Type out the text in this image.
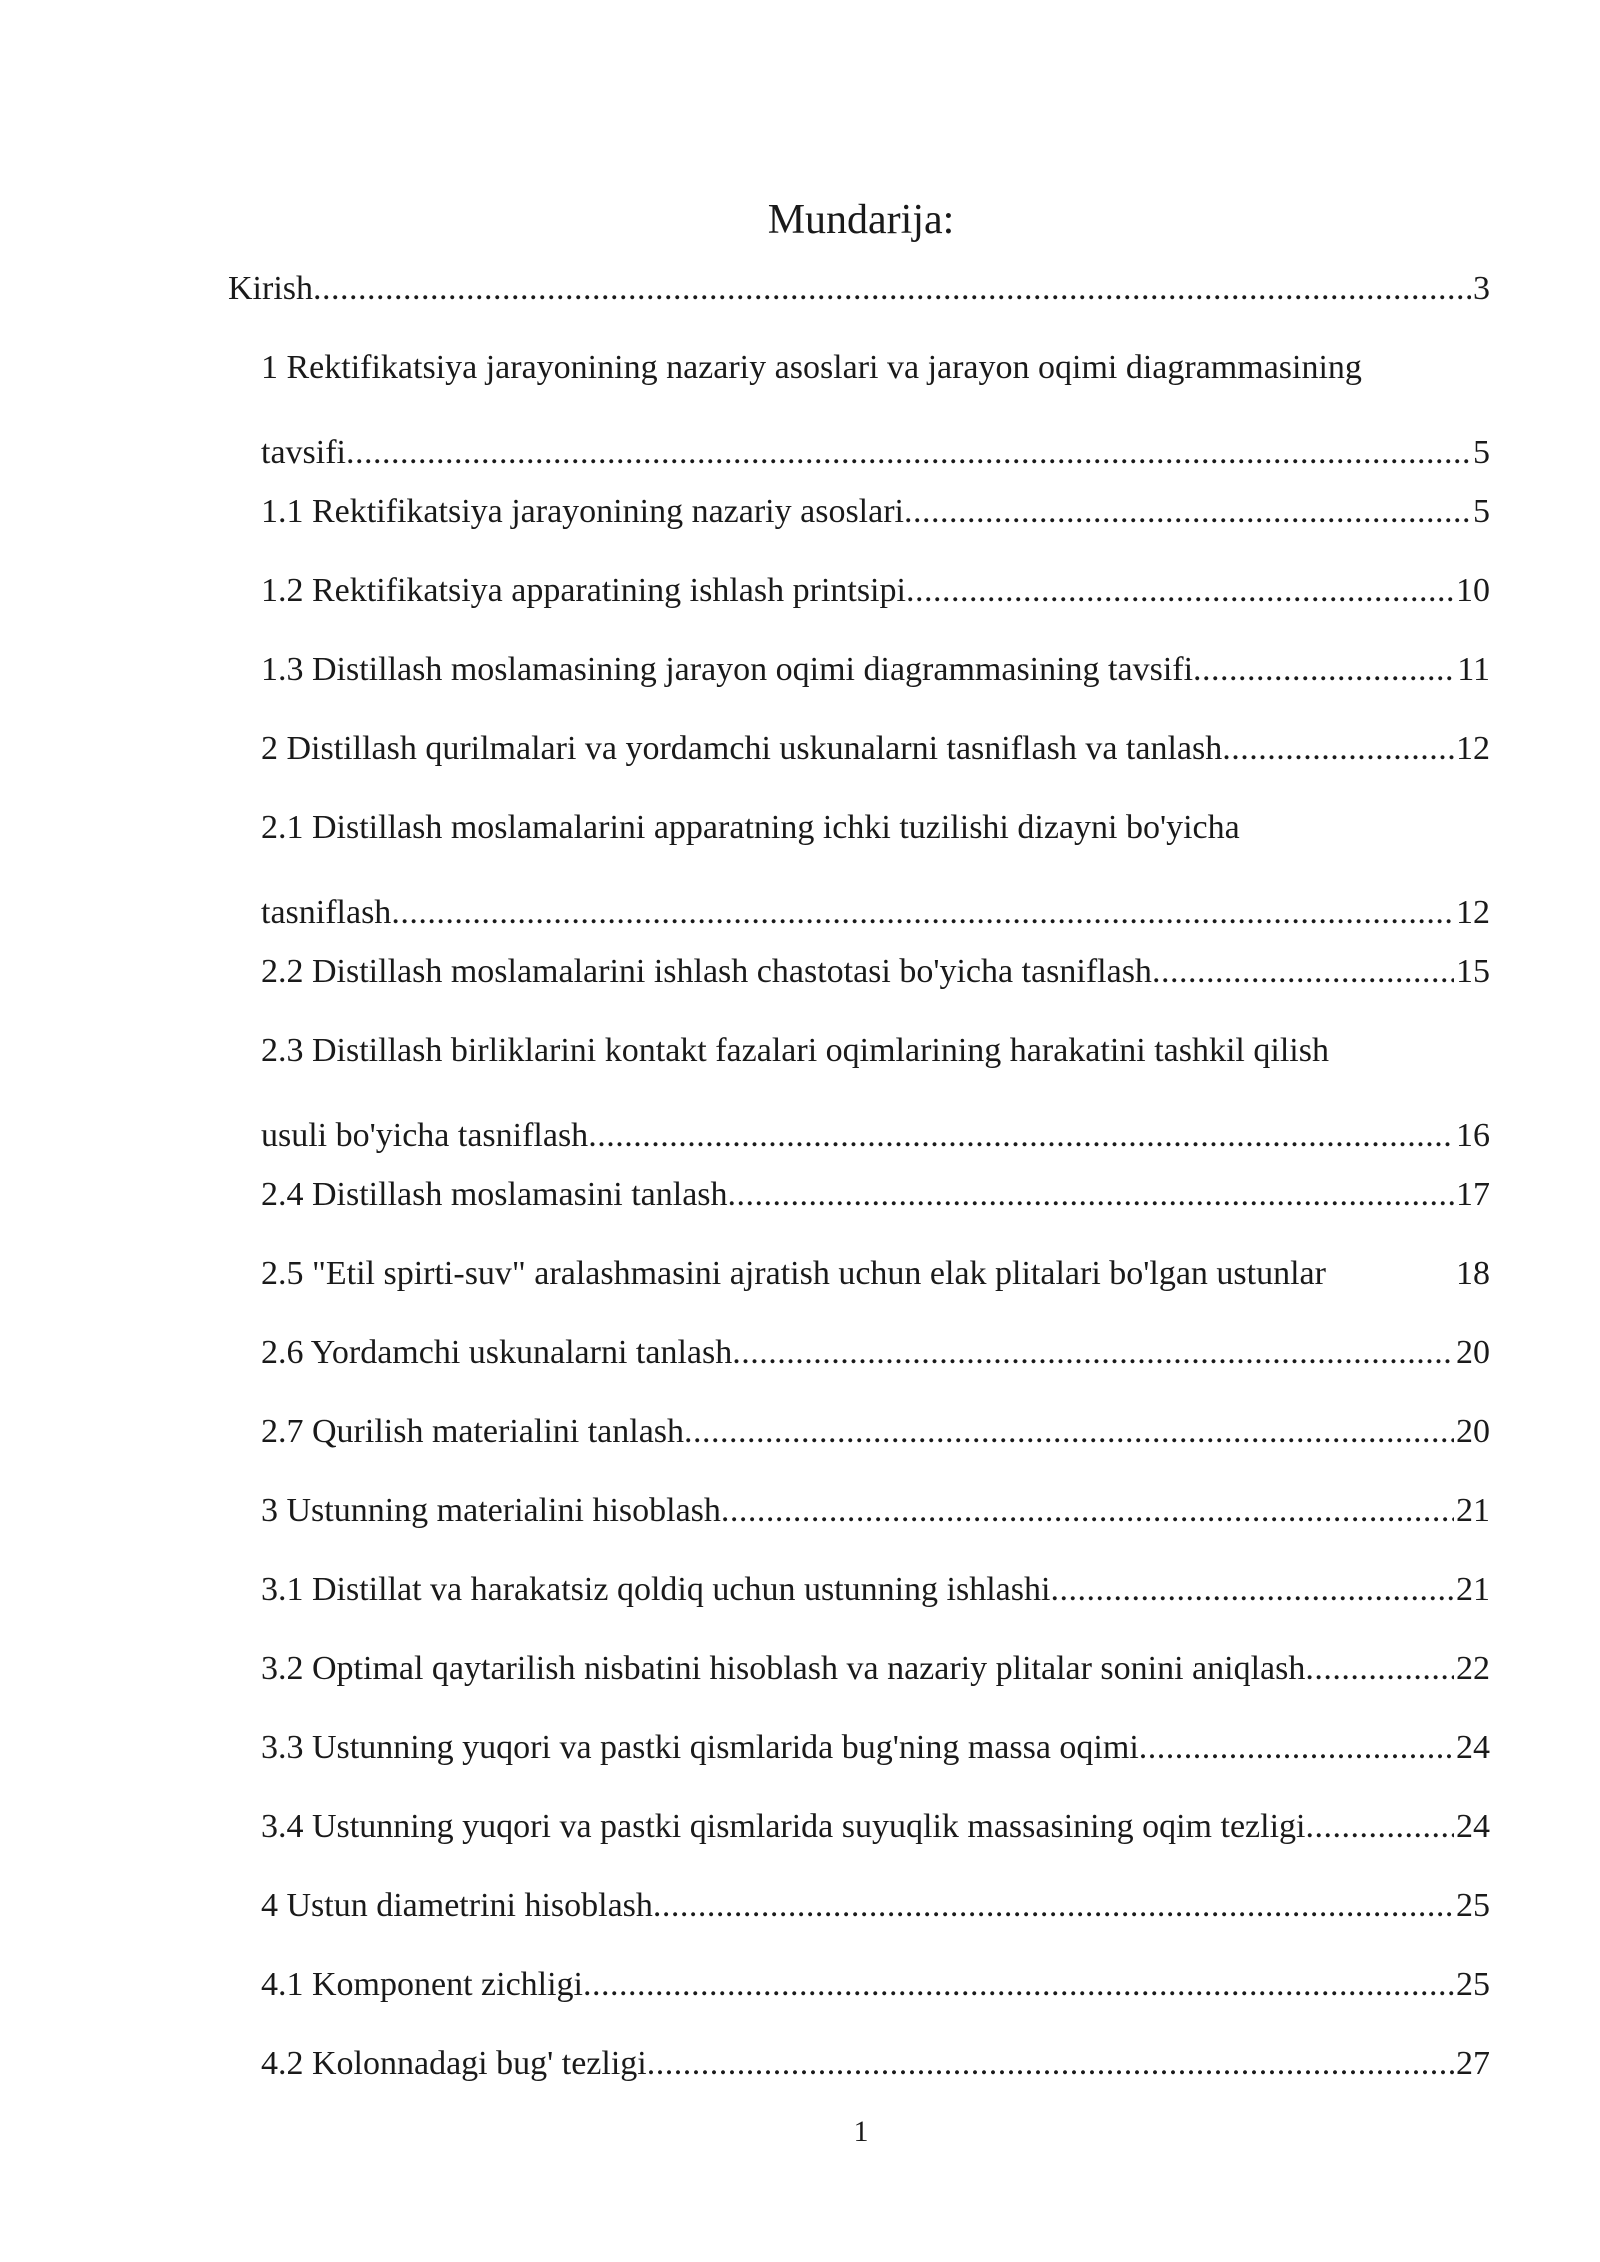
Mundarija:
Kirish .....	3
1 Rektifikatsiya jarayonining nazariy asoslari va jarayon oqimi diagrammasining
tavsifi .....	5
1.1 Rektifikatsiya jarayonining nazariy asoslari .....	5
1.2 Rektifikatsiya apparatining ishlash printsipi .....	10
1.3 Distillash moslamasining jarayon oqimi diagrammasining tavsifi .....	11
2 Distillash qurilmalari va yordamchi uskunalarni tasniflash va tanlash .....	12
2.1 Distillash moslamalarini apparatning ichki tuzilishi dizayni bo'yicha
tasniflash .....	12
2.2 Distillash moslamalarini ishlash chastotasi bo'yicha tasniflash .....	15
2.3 Distillash birliklarini kontakt fazalari oqimlarining harakatini tashkil qilish
usuli bo'yicha tasniflash .....	16
2.4 Distillash moslamasini tanlash .....	17
2.5 "Etil spirti-suv" aralashmasini ajratish uchun elak plitalari bo'lgan ustunlar	18
2.6 Yordamchi uskunalarni tanlash .....	20
2.7 Qurilish materialini tanlash .....	20
3 Ustunning materialini hisoblash .....	21
3.1 Distillat va harakatsiz qoldiq uchun ustunning ishlashi .....	21
3.2 Optimal qaytarilish nisbatini hisoblash va nazariy plitalar sonini aniqlash .....	22
3.3 Ustunning yuqori va pastki qismlarida bug'ning massa oqimi .....	24
3.4 Ustunning yuqori va pastki qismlarida suyuqlik massasining oqim tezligi .....	24
4 Ustun diametrini hisoblash .....	25
4.1 Komponent zichligi .....	25
4.2 Kolonnadagi bug' tezligi .....	27
1
